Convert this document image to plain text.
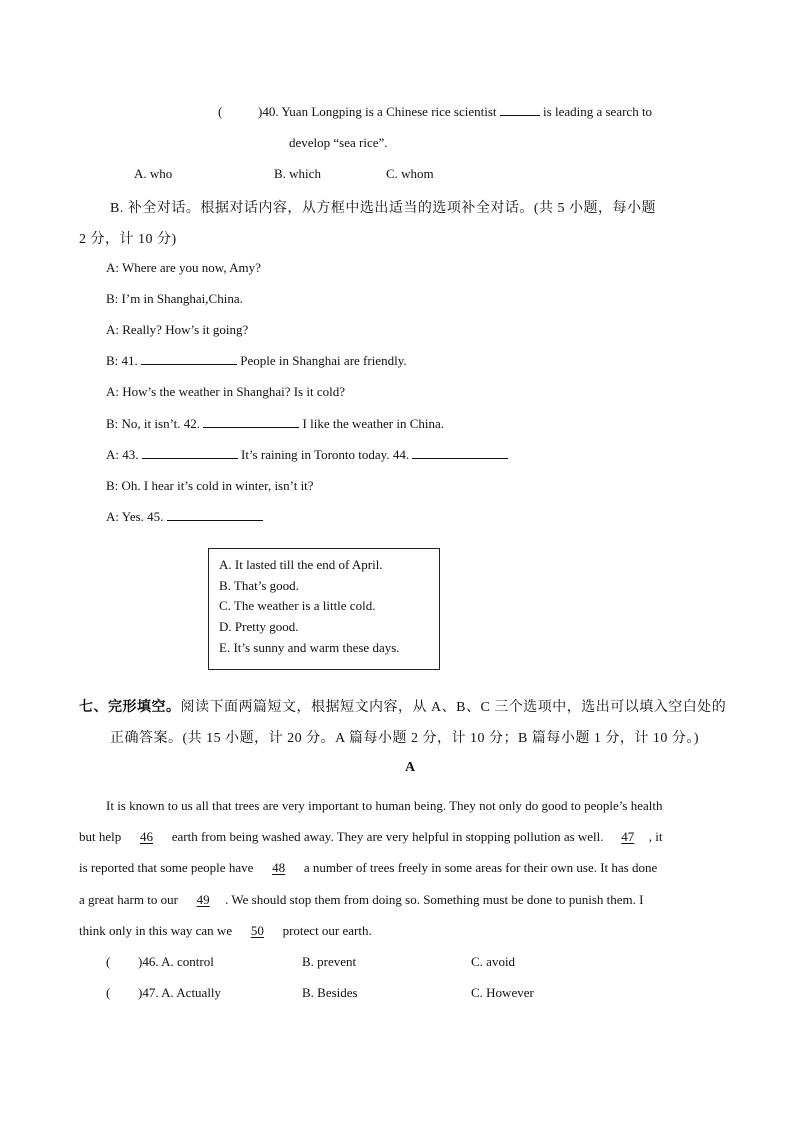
(	)40. Yuan Longping is a Chinese rice scientist	is leading a search to
develop “sea rice”.
A. who	B. which	C. whom
B. 补全对话。根据对话内容，从方框中选出适当的选项补全对话。(共 5 小题，每小题
2 分，计 10 分)
A: Where are you now, Amy?
B: I’m in Shanghai,China.
A: Really? How’s it going?
B: 41.	People in Shanghai are friendly.
A: How’s the weather in Shanghai? Is it cold?
B: No, it isn’t. 42.	I like the weather in China.
A: 43.	It’s raining in Toronto today. 44.
B: Oh. I hear it’s cold in winter, isn’t it?
A: Yes. 45.
A. It lasted till the end of April.
B. That’s good.
C. The weather is a little cold.
D. Pretty good.
E. It’s sunny and warm these days.
七、完形填空。阅读下面两篇短文，根据短文内容，从 A、B、C 三个选项中，选出可以填入空白处的
正确答案。(共 15 小题，计 20 分。A 篇每小题 2 分，计 10 分；B 篇每小题 1 分，计 10 分。)
A
It is known to us all that trees are very important to human being. They not only do good to people’s health
but help 46 earth from being washed away. They are very helpful in stopping pollution as well. 47 , it
is reported that some people have 48 a number of trees freely in some areas for their own use. It has done
a great harm to our 49 . We should stop them from doing so. Something must be done to punish them. I
think only in this way can we 50 protect our earth.
( )46. A. control	B. prevent	C. avoid
( )47. A. Actually	B. Besides	C. However
